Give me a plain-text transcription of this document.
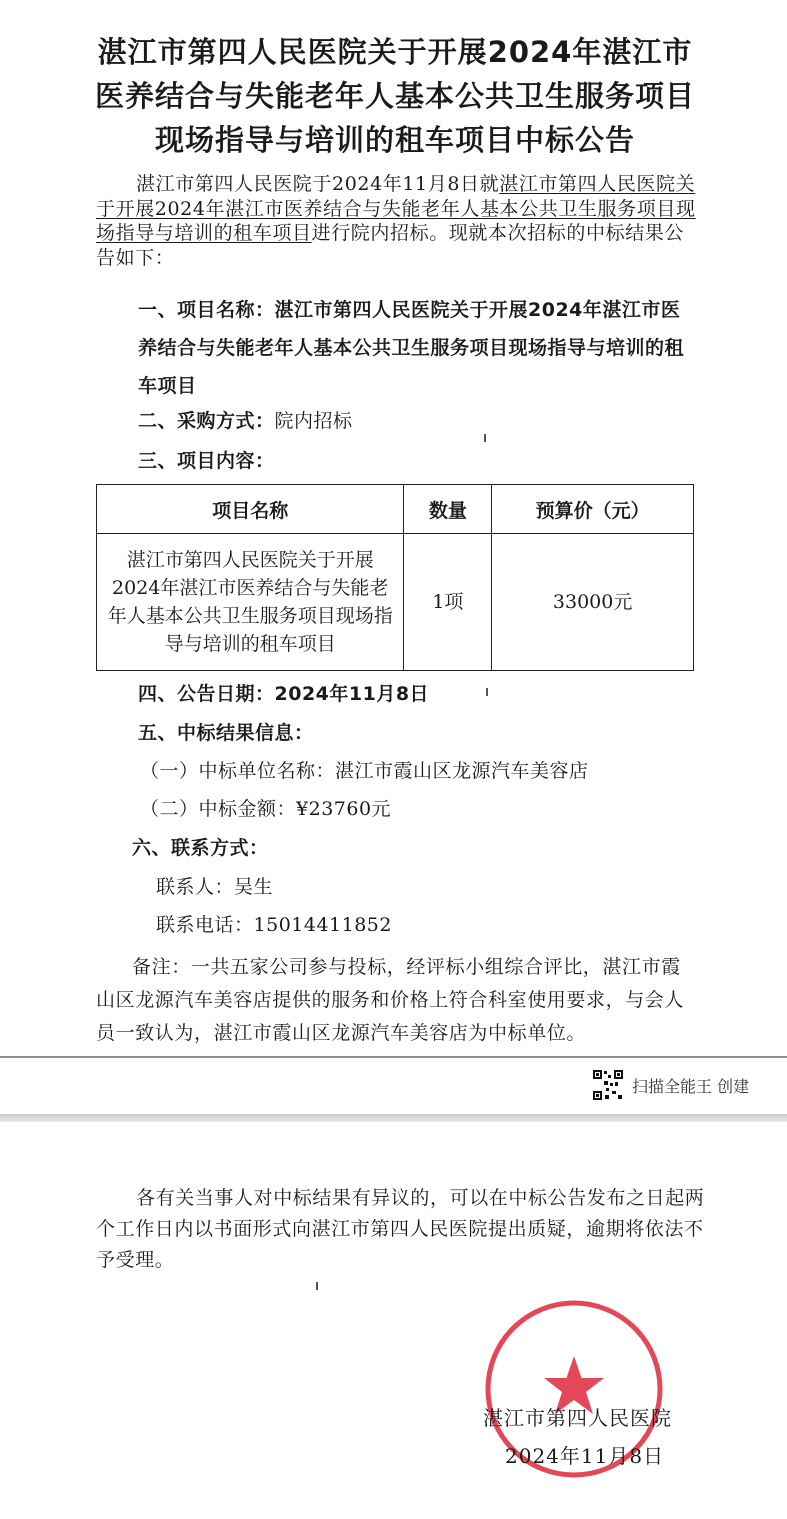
湛江市第四人民医院关于开展2024年湛江市医养结合与失能老年人基本公共卫生服务项目现场指导与培训的租车项目中标公告
湛江市第四人民医院于2024年11月8日就湛江市第四人民医院关于开展2024年湛江市医养结合与失能老年人基本公共卫生服务项目现场指导与培训的租车项目进行院内招标。现就本次招标的中标结果公告如下：
一、项目名称：湛江市第四人民医院关于开展2024年湛江市医养结合与失能老年人基本公共卫生服务项目现场指导与培训的租车项目
二、采购方式：院内招标
三、项目内容：
项目名称	数量	预算价（元）
湛江市第四人民医院关于开展2024年湛江市医养结合与失能老年人基本公共卫生服务项目现场指导与培训的租车项目	1项	33000元
四、公告日期：2024年11月8日
五、中标结果信息：
（一）中标单位名称：湛江市霞山区龙源汽车美容店
（二）中标金额：¥23760元
六、联系方式：
联系人：吴生
联系电话：15014411852
备注：一共五家公司参与投标，经评标小组综合评比，湛江市霞山区龙源汽车美容店提供的服务和价格上符合科室使用要求，与会人员一致认为，湛江市霞山区龙源汽车美容店为中标单位。
扫描全能王 创建
各有关当事人对中标结果有异议的，可以在中标公告发布之日起两个工作日内以书面形式向湛江市第四人民医院提出质疑，逾期将依法不予受理。
湛江市第四人民医院
2024年11月8日
